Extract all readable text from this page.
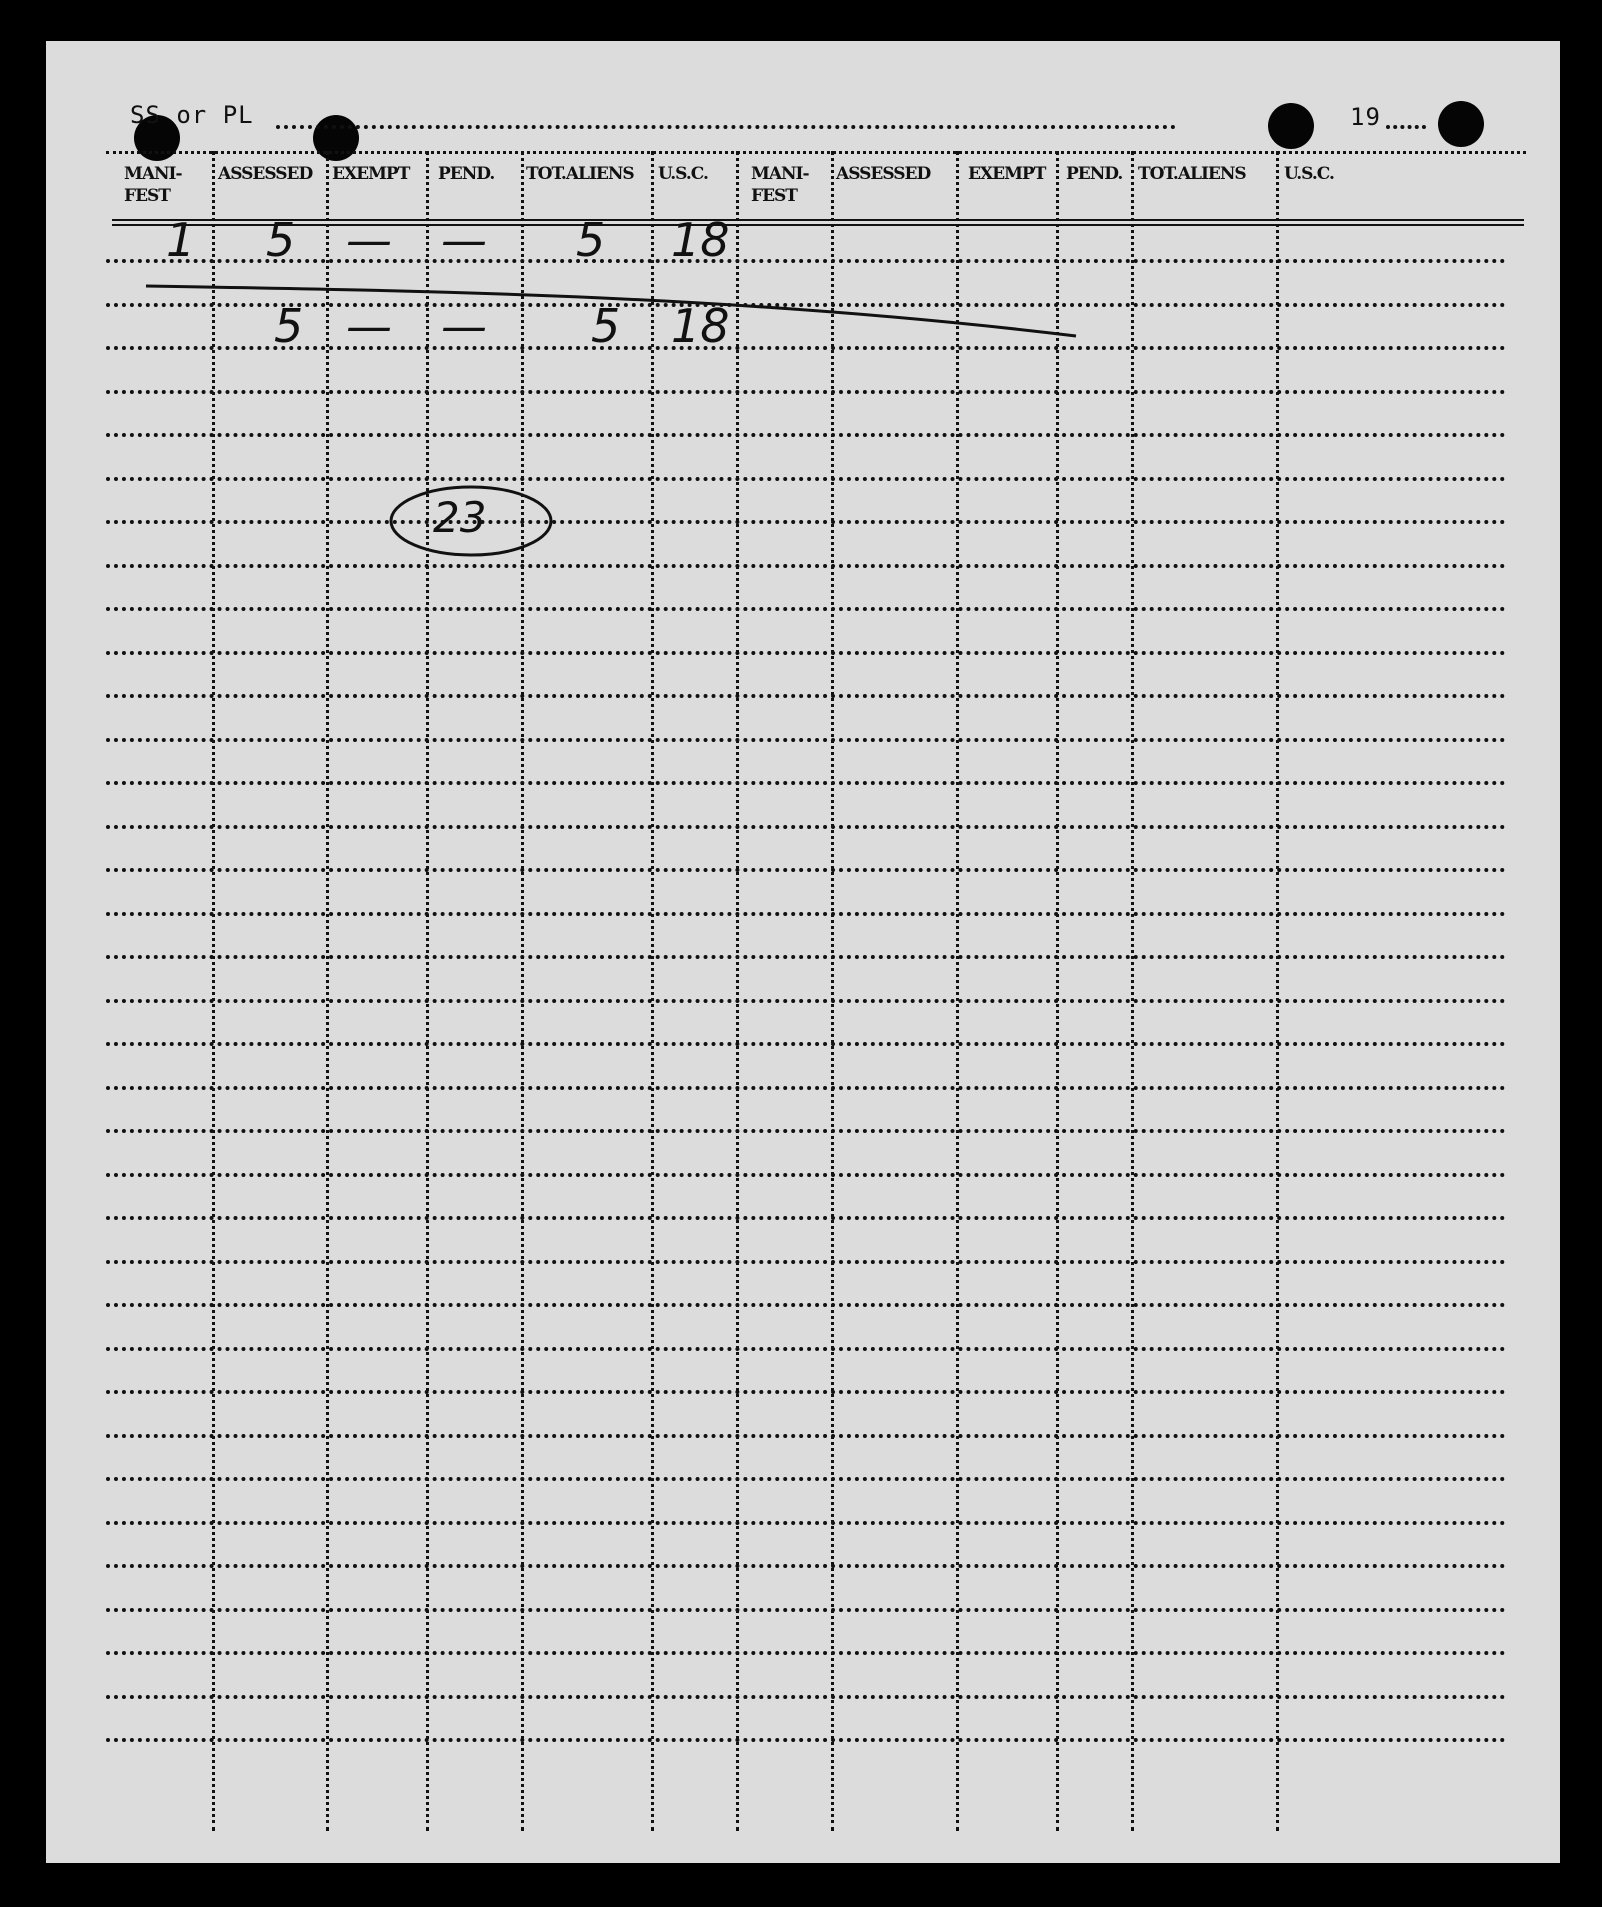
SS or PL	19
MANI-
FEST
ASSESSED EXEMPT PEND. TOT.ALIENS U.S.C.	MANI-
FEST
ASSESSED EXEMPT PEND. TOT.ALIENS U.S.C.
1 5 — — 5 18
5 — — 5 18
23
